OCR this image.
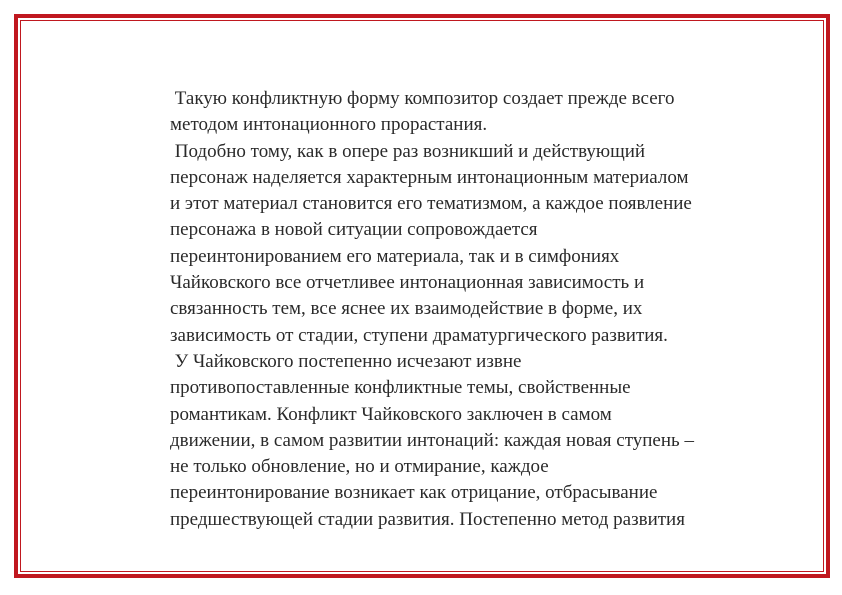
Такую конфликтную форму композитор создает прежде всего
методом интонационного прорастания.
Подобно тому, как в опере раз возникший и действующий
персонаж наделяется характерным интонационным материалом
и этот материал становится его тематизмом, а каждое появление
персонажа в новой ситуации сопровождается
переинтонированием его материала, так и в симфониях
Чайковского все отчетливее интонационная зависимость и
связанность тем, все яснее их взаимодействие в форме, их
зависимость от стадии, ступени драматургического развития.
У Чайковского постепенно исчезают извне
противопоставленные конфликтные темы, свойственные
романтикам. Конфликт Чайковского заключен в самом
движении, в самом развитии интонаций: каждая новая ступень –
не только обновление, но и отмирание, каждое
переинтонирование возникает как отрицание, отбрасывание
предшествующей стадии развития. Постепенно метод развития
